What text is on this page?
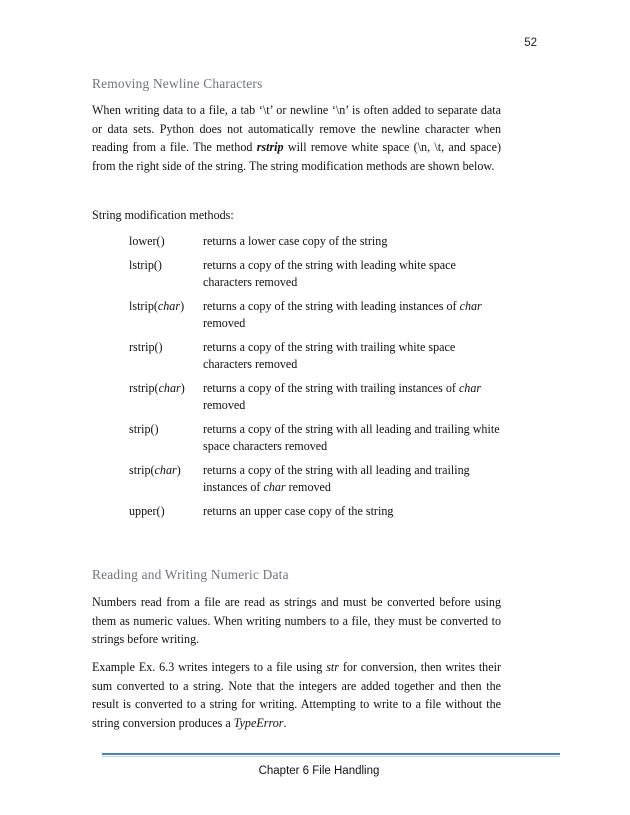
52
Removing Newline Characters

When writing data to a file, a tab ‘\t’ or newline ‘\n’ is often added to separate data or data sets. Python does not automatically remove the newline character when reading from a file. The method rstrip will remove white space (\n, \t, and space) from the right side of the string. The string modification methods are shown below.

String modification methods:

lower()	returns a lower case copy of the string
lstrip()	returns a copy of the string with leading white space characters removed
lstrip(char)	returns a copy of the string with leading instances of char removed
rstrip()	returns a copy of the string with trailing white space characters removed
rstrip(char)	returns a copy of the string with trailing instances of char removed
strip()	returns a copy of the string with all leading and trailing white space characters removed
strip(char)	returns a copy of the string with all leading and trailing instances of char removed
upper()	returns an upper case copy of the string
Reading and Writing Numeric Data

Numbers read from a file are read as strings and must be converted before using them as numeric values. When writing numbers to a file, they must be converted to strings before writing.

Example Ex. 6.3 writes integers to a file using str for conversion, then writes their sum converted to a string. Note that the integers are added together and then the result is converted to a string for writing. Attempting to write to a file without the string conversion produces a TypeError.

Chapter 6 File Handling
